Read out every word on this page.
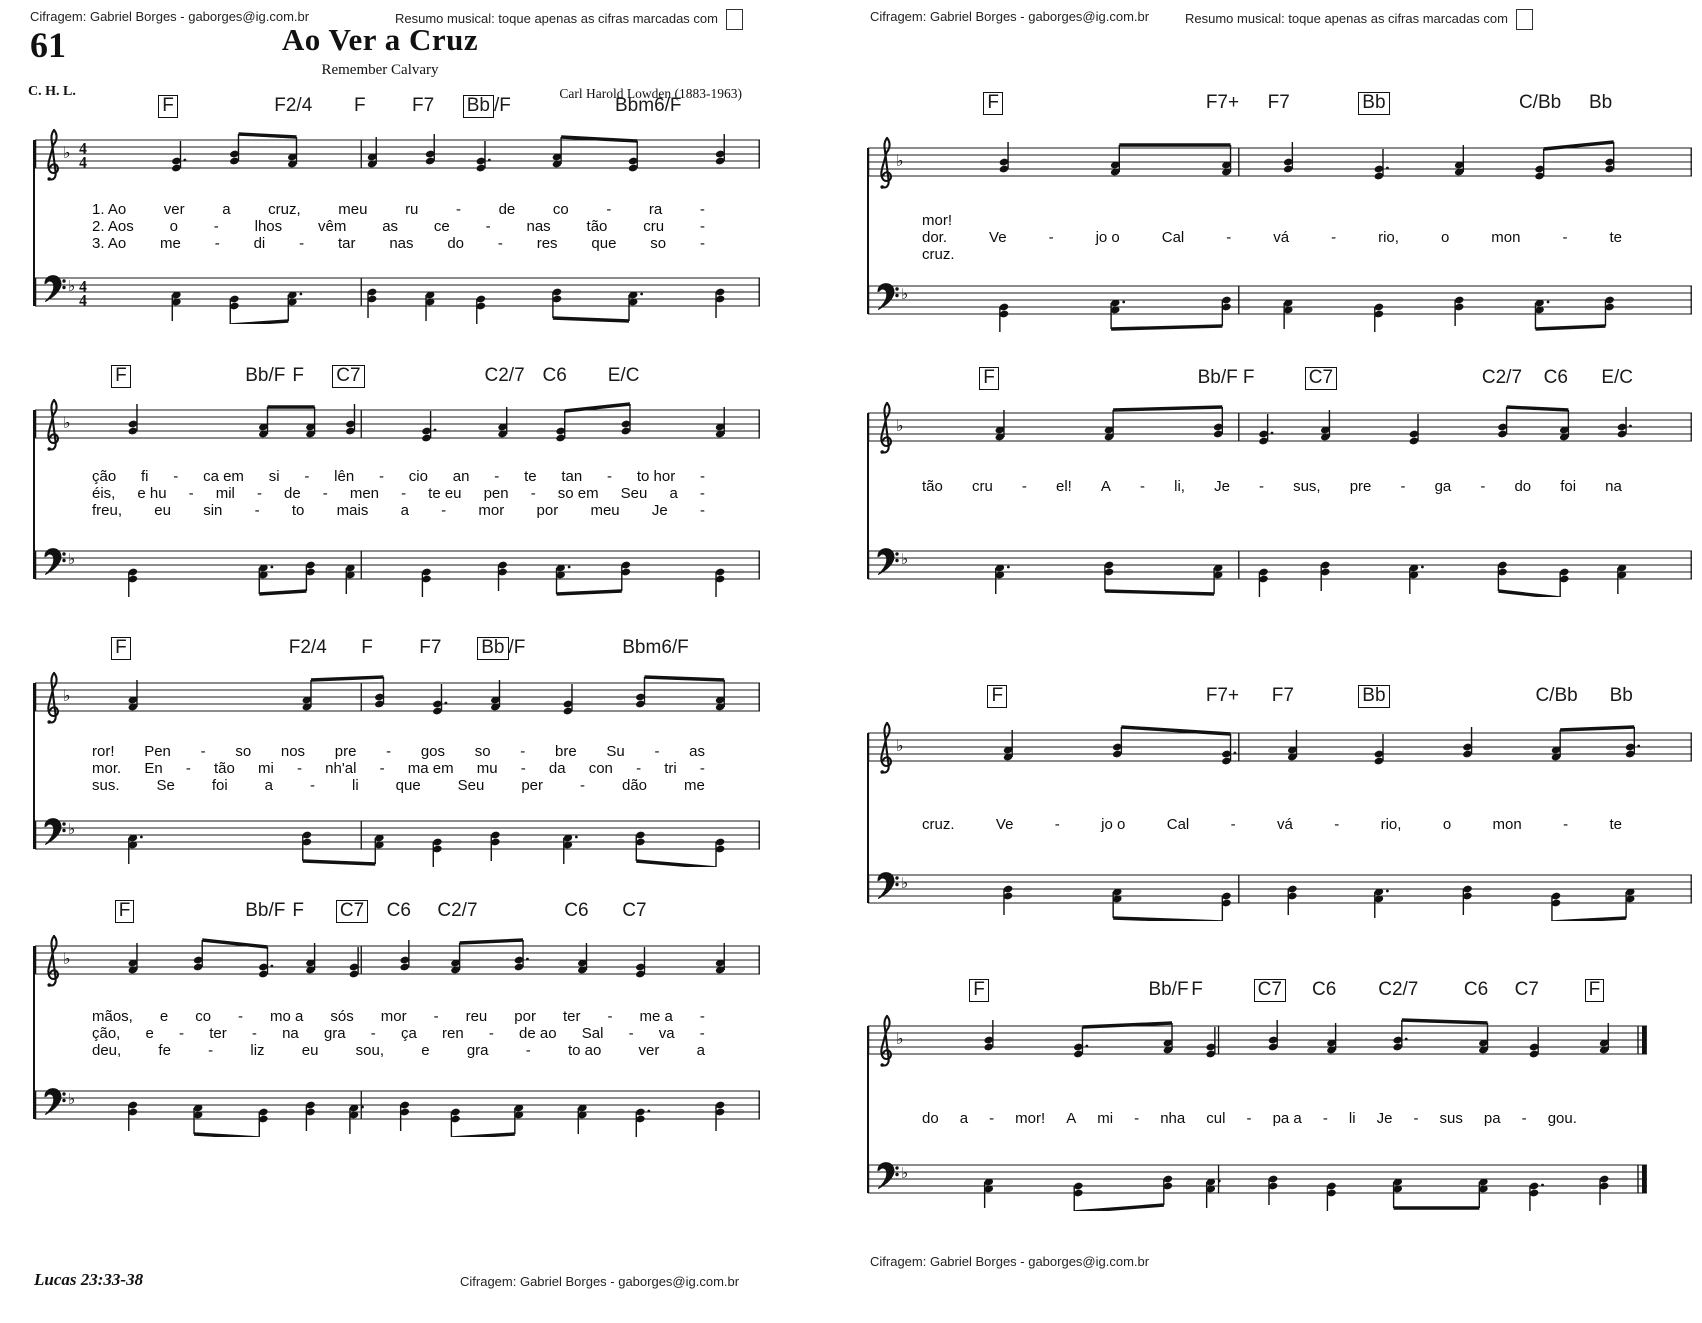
Cifragem: Gabriel Borges - gaborges@ig.com.br	Resumo musical: toque apenas as cifras marcadas com
61	Ao Ver a Cruz
Remember Calvary
C. H. L.	Carl Harold Lowden (1883-1963)
F	F2/4 F F7 Bb /F	Bbm6/F
♭ 4
4
1. Ao	ver	a	cruz,	meu	ru	-	de	co	-	ra	-
2. Aos o - lhos vêm as ce - nas tão cru -
3. Ao me - di - tar nas do - res que so -
♭ 4
4
F	Bb/F F C7	C2/7 C6 E/C
♭
ção fi - ca em si - lên - cio an - te tan - to hor -
éis, e hu - mil - de - men - te eu pen - so em Seu a -
freu, eu sin - to mais a - mor por meu Je -
♭
F	F2/4 F F7 Bb /F	Bbm6/F
♭
ror! Pen - so nos pre - gos so - bre Su - as
mor. En - tão mi - nh'al - ma em mu - da con - tri -
sus. Se foi a - li que Seu per - dão me
♭
F	Bb/F F C7 C6 C2/7	C6 C7
♭
mãos, e co - mo a sós mor - reu por ter - me a -
ção, e - ter - na gra - ça ren - de ao Sal - va -
deu, fe - liz eu sou, e gra - to ao ver a
♭
Lucas 23:33-38	Cifragem: Gabriel Borges - gaborges@ig.com.br
Cifragem: Gabriel Borges - gaborges@ig.com.br	Resumo musical: toque apenas as cifras marcadas com
F	F7+ F7	Bb	C/Bb Bb
♭
mor!
dor.	Ve	-	jo o	Cal	-	vá	-	rio,	o	mon	-	te
cruz.
♭
F	Bb/F F	C7	C2/7 C6 E/C
♭
tão cru - el! A - li, Je - sus, pre - ga - do foi na
♭
F	F7+ F7	Bb	C/Bb Bb
♭
cruz.	Ve	-	jo o	Cal	-	vá	-	rio,	o	mon	-	te
♭
F	Bb/F F	C7 C6 C2/7 C6 C7	F
♭
do a - mor! A mi - nha cul - pa a - li Je - sus pa - gou.
♭
Cifragem: Gabriel Borges - gaborges@ig.com.br
